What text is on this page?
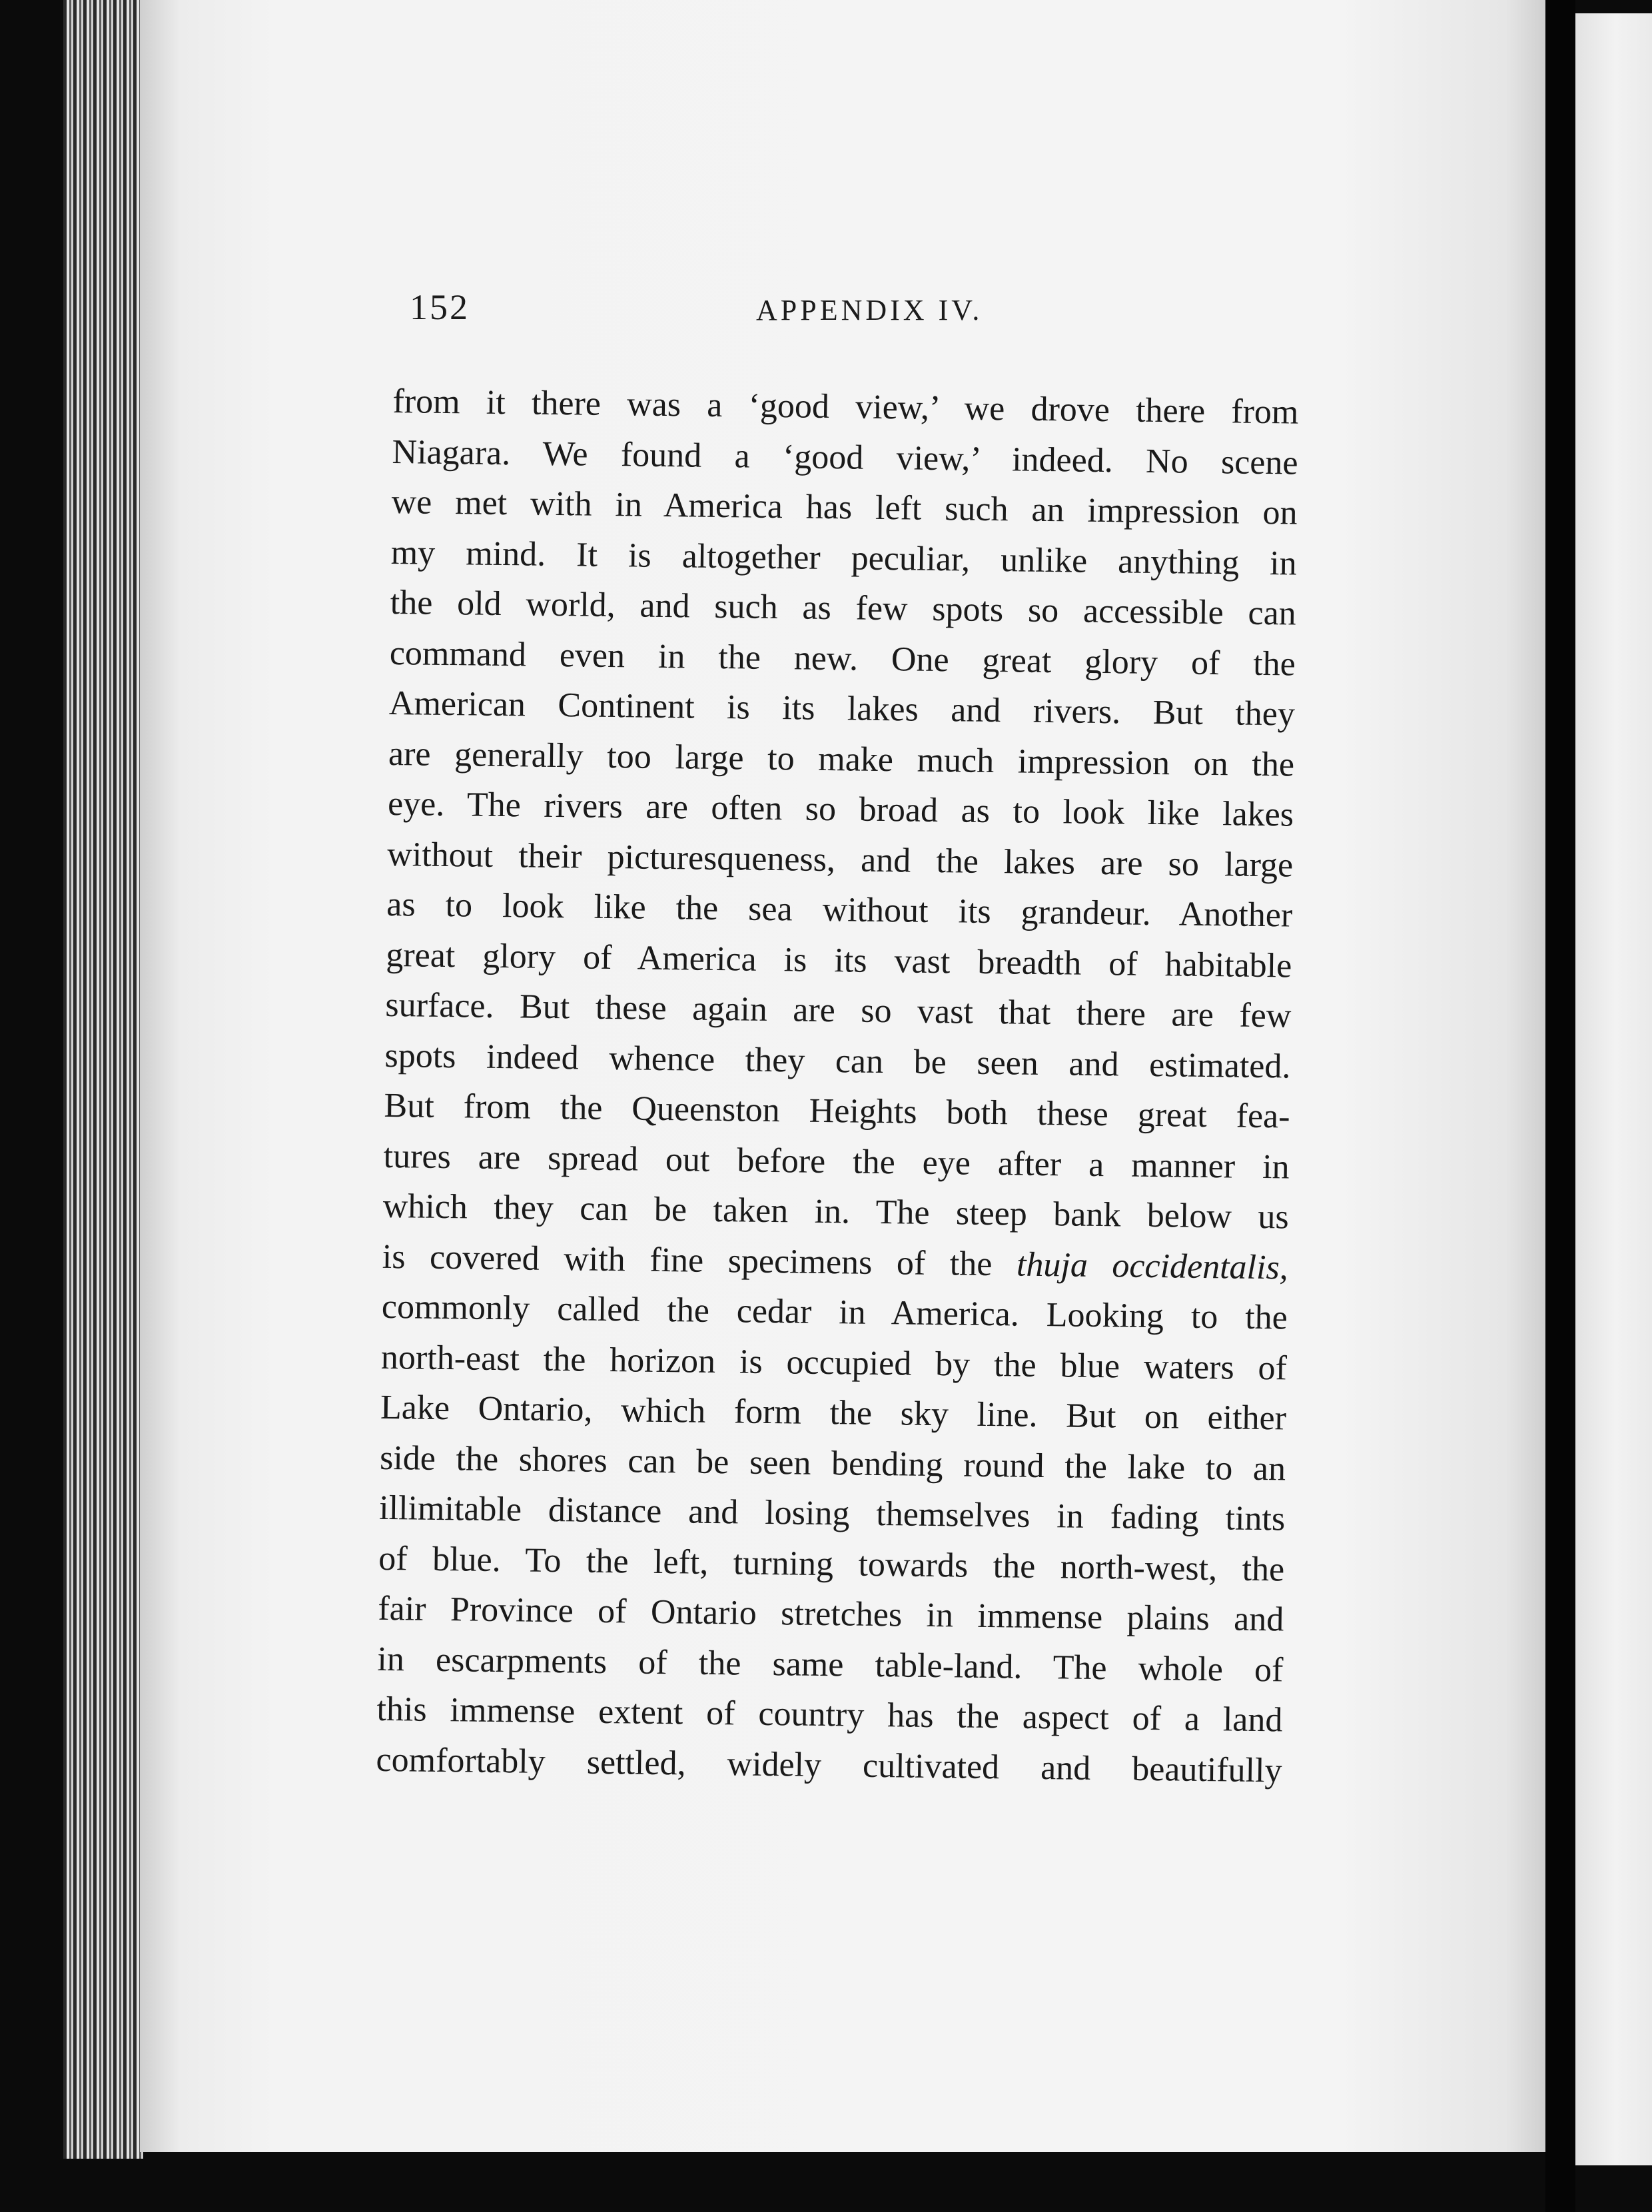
152	APPENDIX IV.
from it there was a ‘good view,’ we drove there from
Niagara. We found a ‘good view,’ indeed. No scene
we met with in America has left such an impression on
my mind. It is altogether peculiar, unlike anything in
the old world, and such as few spots so accessible can
command even in the new. One great glory of the
American Continent is its lakes and rivers. But they
are generally too large to make much impression on the
eye. The rivers are often so broad as to look like lakes
without their picturesqueness, and the lakes are so large
as to look like the sea without its grandeur. Another
great glory of America is its vast breadth of habitable
surface. But these again are so vast that there are few
spots indeed whence they can be seen and estimated.
But from the Queenston Heights both these great fea-
tures are spread out before the eye after a manner in
which they can be taken in. The steep bank below us
is covered with fine specimens of the thuja occidentalis,
commonly called the cedar in America. Looking to the
north-east the horizon is occupied by the blue waters of
Lake Ontario, which form the sky line. But on either
side the shores can be seen bending round the lake to an
illimitable distance and losing themselves in fading tints
of blue. To the left, turning towards the north-west, the
fair Province of Ontario stretches in immense plains and
in escarpments of the same table-land. The whole of
this immense extent of country has the aspect of a land
comfortably settled, widely cultivated and beautifully
